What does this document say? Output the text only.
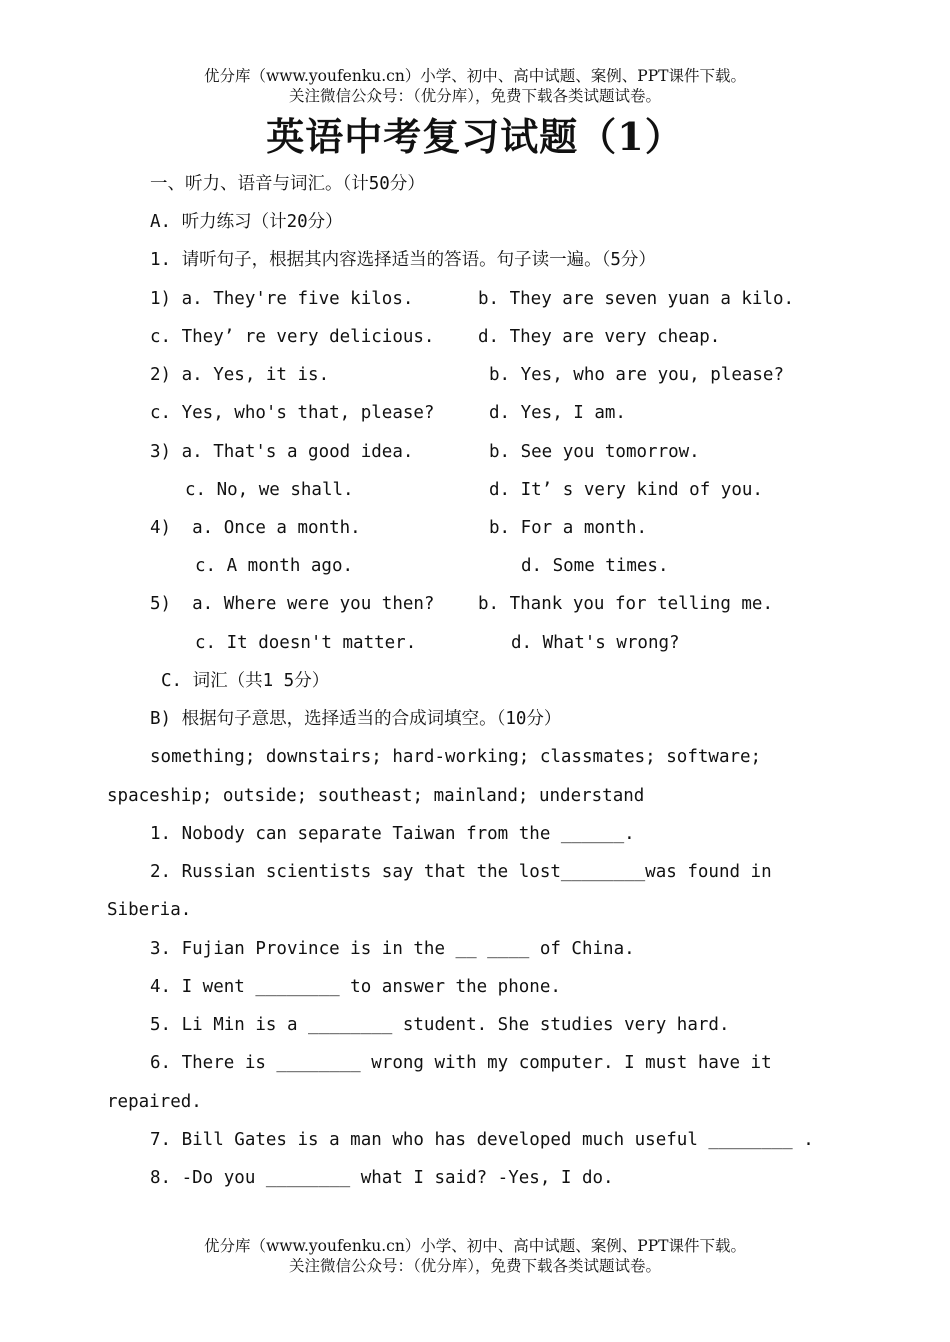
优分库（www.youfenku.cn）小学、初中、高中试题、案例、PPT课件下载。
关注微信公众号：（优分库），免费下载各类试题试卷。
英语中考复习试题（1）
一、听力、语音与词汇。（计50分）
A. 听力练习（计20分）
1. 请听句子，根据其内容选择适当的答语。句子读一遍。（5分）
1) a. They're five kilos.	b. They are seven yuan a kilo.
c. They’ re very delicious. d. They are very cheap.
2) a. Yes, it is.	b. Yes, who are you, please?
c. Yes, who's that, please?	d. Yes, I am.
3) a. That's a good idea.	b. See you tomorrow.
c. No, we shall.	d. It’ s very kind of you.
4)  a. Once a month.	b. For a month.
c. A month ago.	d. Some times.
5)  a. Where were you then? b. Thank you for telling me.
c. It doesn't matter.	d. What's wrong?
C. 词汇（共1 5分）
B) 根据句子意思，选择适当的合成词填空。（10分）
something; downstairs; hard-working; classmates; software;
spaceship; outside; southeast; mainland; understand
1. Nobody can separate Taiwan from the ______.
2. Russian scientists say that the lost________was found in
Siberia.
3. Fujian Province is in the __ ____ of China.
4. I went ________ to answer the phone.
5. Li Min is a ________ student. She studies very hard.
6. There is ________ wrong with my computer. I must have it
repaired.
7. Bill Gates is a man who has developed much useful ________ .
8. -Do you ________ what I said? -Yes, I do.
优分库（www.youfenku.cn）小学、初中、高中试题、案例、PPT课件下载。
关注微信公众号：（优分库），免费下载各类试题试卷。
